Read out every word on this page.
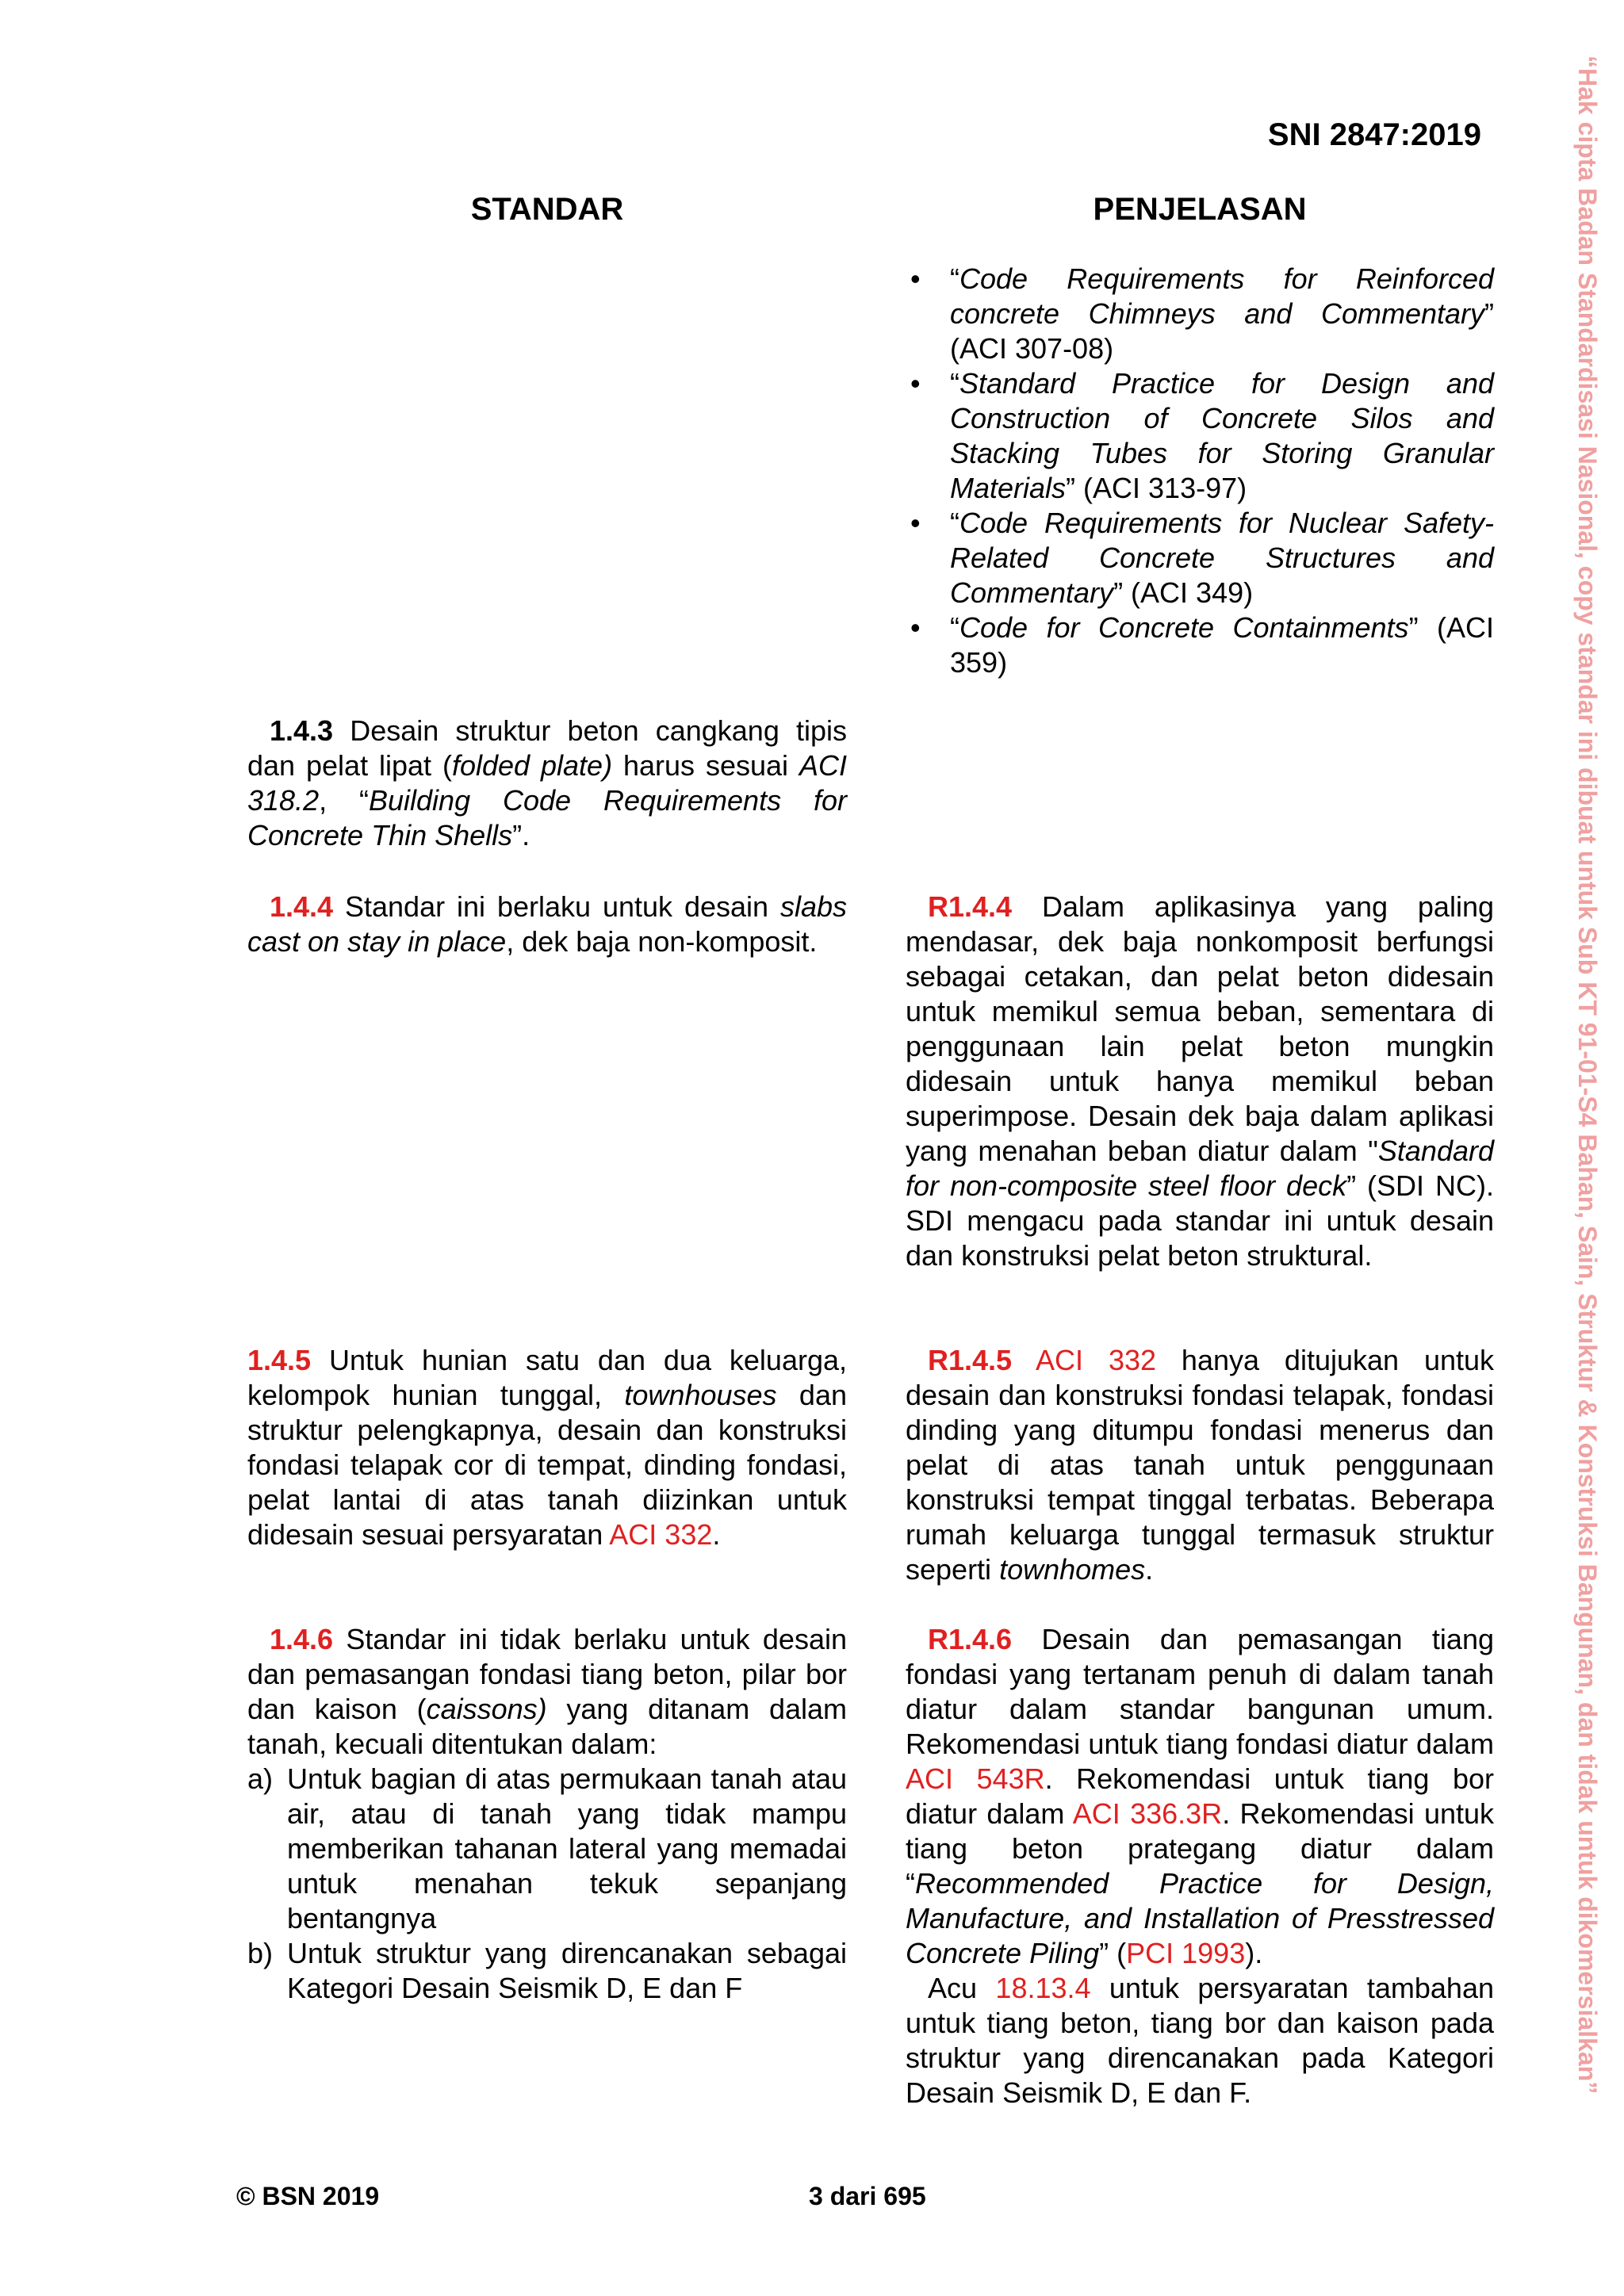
SNI 2847:2019
STANDAR	PENJELASAN
• “Code Requirements for Reinforced concrete Chimneys and Commentary” (ACI 307-08)
• “Standard Practice for Design and Construction of Concrete Silos and Stacking Tubes for Storing Granular Materials” (ACI 313-97)
• “Code Requirements for Nuclear Safety-Related Concrete Structures and Commentary” (ACI 349)
• “Code for Concrete Containments” (ACI 359)
1.4.3 Desain struktur beton cangkang tipis dan pelat lipat (folded plate) harus sesuai ACI 318.2, “Building Code Requirements for Concrete Thin Shells”.
1.4.4 Standar ini berlaku untuk desain slabs cast on stay in place, dek baja non-komposit.
R1.4.4 Dalam aplikasinya yang paling mendasar, dek baja nonkomposit berfungsi sebagai cetakan, dan pelat beton didesain untuk memikul semua beban, sementara di penggunaan lain pelat beton mungkin didesain untuk hanya memikul beban superimpose. Desain dek baja dalam aplikasi yang menahan beban diatur dalam "Standard for non-composite steel floor deck” (SDI NC). SDI mengacu pada standar ini untuk desain dan konstruksi pelat beton struktural.
1.4.5 Untuk hunian satu dan dua keluarga, kelompok hunian tunggal, townhouses dan struktur pelengkapnya, desain dan konstruksi fondasi telapak cor di tempat, dinding fondasi, pelat lantai di atas tanah diizinkan untuk didesain sesuai persyaratan ACI 332.
R1.4.5 ACI 332 hanya ditujukan untuk desain dan konstruksi fondasi telapak, fondasi dinding yang ditumpu fondasi menerus dan pelat di atas tanah untuk penggunaan konstruksi tempat tinggal terbatas. Beberapa rumah keluarga tunggal termasuk struktur seperti townhomes.
1.4.6 Standar ini tidak berlaku untuk desain dan pemasangan fondasi tiang beton, pilar bor dan kaison (caissons) yang ditanam dalam tanah, kecuali ditentukan dalam:
a) Untuk bagian di atas permukaan tanah atau air, atau di tanah yang tidak mampu memberikan tahanan lateral yang memadai untuk menahan tekuk sepanjang bentangnya
b) Untuk struktur yang direncanakan sebagai Kategori Desain Seismik D, E dan F
R1.4.6 Desain dan pemasangan tiang fondasi yang tertanam penuh di dalam tanah diatur dalam standar bangunan umum. Rekomendasi untuk tiang fondasi diatur dalam ACI 543R. Rekomendasi untuk tiang bor diatur dalam ACI 336.3R. Rekomendasi untuk tiang beton prategang diatur dalam “Recommended Practice for Design, Manufacture, and Installation of Presstressed Concrete Piling” (PCI 1993).
Acu 18.13.4 untuk persyaratan tambahan untuk tiang beton, tiang bor dan kaison pada struktur yang direncanakan pada Kategori Desain Seismik D, E dan F.
© BSN 2019	3 dari 695
“Hak cipta Badan Standardisasi Nasional, copy standar ini dibuat untuk Sub KT 91-01-S4 Bahan, Sain, Struktur & Konstruksi Bangunan, dan tidak untuk dikomersialkan”
